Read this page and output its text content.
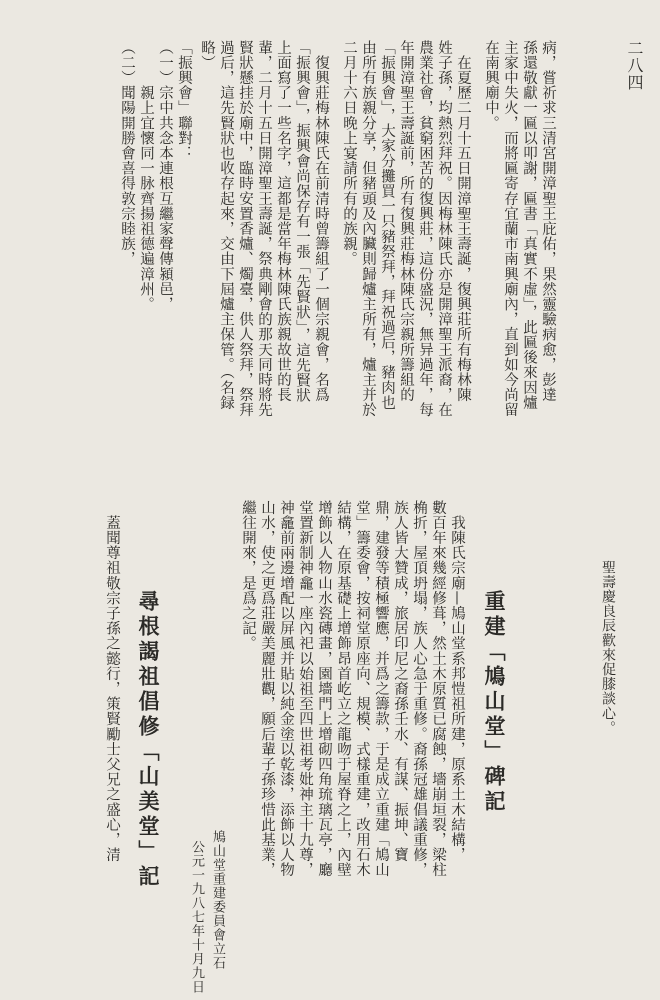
二八四
聖壽慶良辰歡來促膝談心。
病，嘗祈求三清宮開漳聖王庇佑，果然靈驗病愈，彭達
孫還敬獻一匾以叩謝，匾書「真實不虛」，此匾後來因爐
主家中失火，而將匾寄存宜蘭市南興廟內，直到如今尚留
在南興廟中。
　在夏歷二月十五日開漳聖王壽誕，復興莊所有梅林陳
姓子孫，均熱烈拜祝。因梅林陳氏亦是開漳聖王派裔，在
農業社會，貧窮困苦的復興莊，這份盛況，無异過年，每
年開漳聖王壽誕前，所有復興莊梅林陳氏宗親所籌組的
「振興會」，大家分攤買一只豬祭拜，拜祝過后，豬肉也
由所有族親分享，但豬頭及內臟則歸爐主所有，爐主并於
二月十六日晚上宴請所有的族親。
　復興莊梅林陳氏在前清時曾籌組了一個宗親會，名爲
「振興會」，振興會尚保存有一張「先賢狀」，這先賢狀
上面寫了一些名字，這都是當年梅林陳氏族親故世的長
輩，二月十五日開漳聖王壽誕，祭典剛會的那天同時將先
賢狀懸挂於廟中，臨時安置香爐、燭臺，供人祭拜，祭拜
過后，這先賢狀也收存起來，交由下屆爐主保管。（名録
略）
「振興會」聯對：
（一）宗中共念本連根互繼家聲傳潁邑，
　　　親上宜懷同一脉齊揚祖德遍漳州。
（二）聞陽開勝會喜得敦宗睦族，
重建「鳩山堂」碑記
　我陳氏宗廟—鳩山堂系邦愷祖所建，原系土木結構，
數百年來幾經修葺，然土木原質已腐蝕，墻崩垣裂，梁柱
桷折，屋頂坍塌，族人心急于重修。裔孫冠雄倡議重修，
族人皆大贊成，旅居印尼之裔孫壬水、有謀、振坤、寶
鼎，建發等積極響應，并爲之籌款，于是成立重建「鳩山
堂」籌委會，按祠堂原座向、規模、式樣重建，改用石木
結構，在原基礎上增飾昂首屹立之龍吻于屋脊之上，內壁
增飾以人物山水瓷磚畫，園墻門上增砌四角琉璃瓦亭，廳
堂置新制神龕一座內祀以始祖至四世祖考妣神主十九尊，
神龕前兩邊增配以屏風并貼以純金塗以乾漆，添飾以人物
山水，使之更爲莊嚴美麗壯觀，願后輩子孫珍惜此基業，
繼往開來，是爲之記。
鳩山堂重建委員會立石
公元一九八七年十月九日
尋根謁祖倡修「山美堂」記
　蓋聞尊祖敬宗子孫之懿行，策賢勵士父兄之盛心，清
